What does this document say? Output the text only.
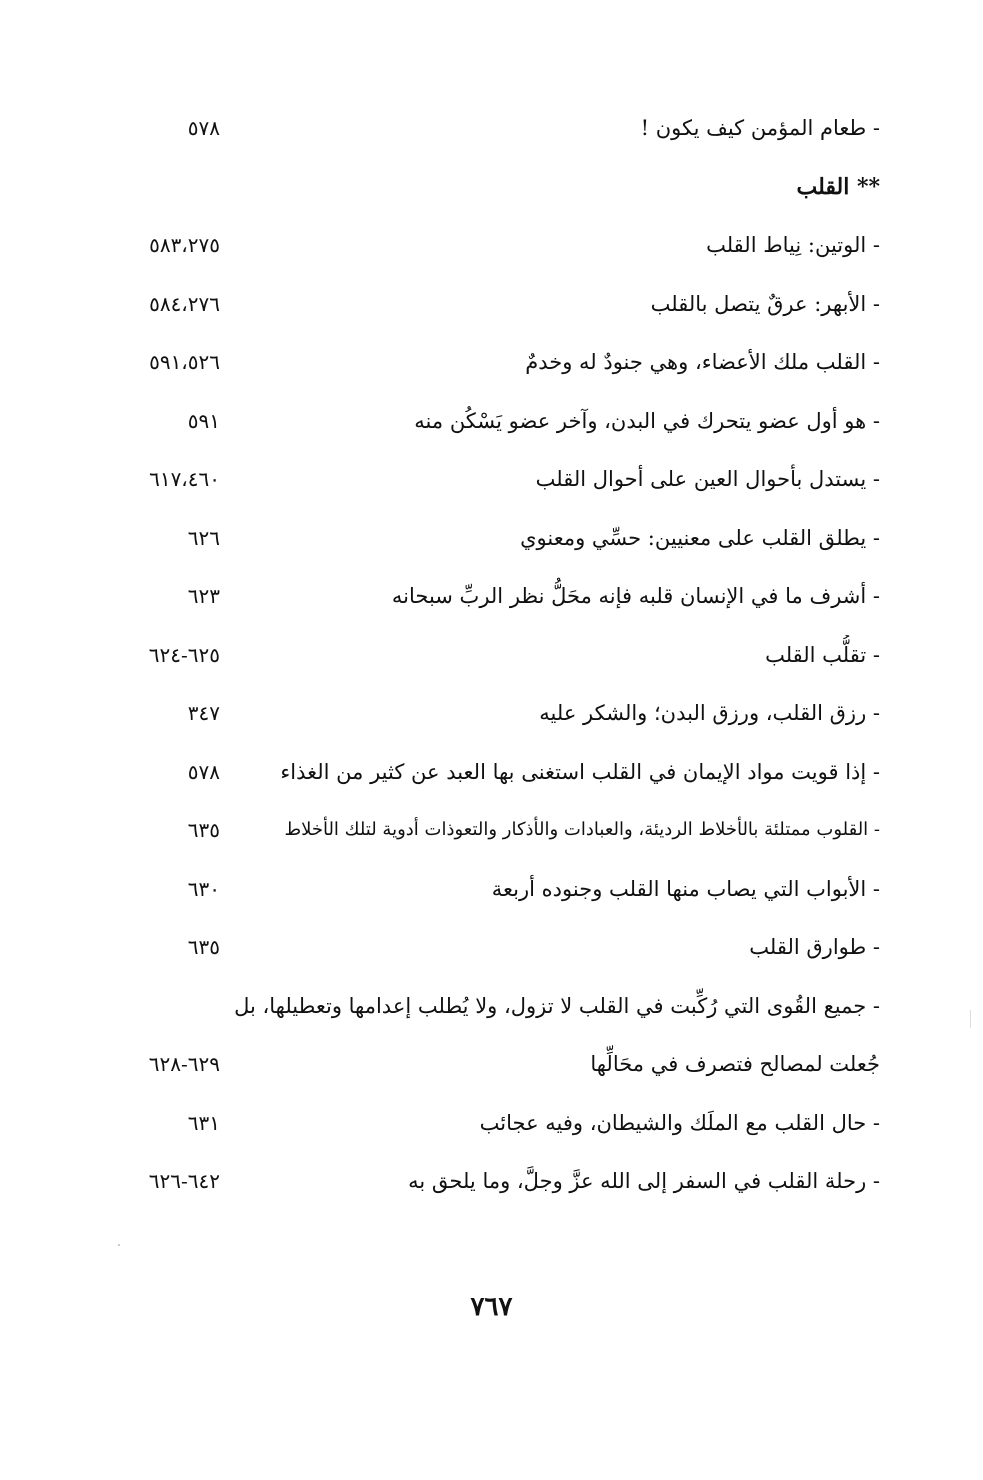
- طعام المؤمن كيف يكون !
٥٧٨
** القلب
- الوتين: نِياط القلب
٥٨٣،٢٧٥
- الأبهر: عرقٌ يتصل بالقلب
٥٨٤،٢٧٦
- القلب ملك الأعضاء، وهي جنودٌ له وخدمٌ
٥٩١،٥٢٦
- هو أول عضو يتحرك في البدن، وآخر عضو يَسْكُن منه
٥٩١
- يستدل بأحوال العين على أحوال القلب
٦١٧،٤٦٠
- يطلق القلب على معنيين: حسِّي ومعنوي
٦٢٦
- أشرف ما في الإنسان قلبه فإنه محَلُّ نظر الربِّ سبحانه
٦٢٣
- تقلُّب القلب
٦٢٥-٦٢٤
- رزق القلب، ورزق البدن؛ والشكر عليه
٣٤٧
- إذا قويت مواد الإيمان في القلب استغنى بها العبد عن كثير من الغذاء
٥٧٨
- القلوب ممتلئة بالأخلاط الرديئة، والعبادات والأذكار والتعوذات أدوية لتلك الأخلاط
٦٣٥
- الأبواب التي يصاب منها القلب وجنوده أربعة
٦٣٠
- طوارق القلب
٦٣٥
- جميع القُوى التي رُكِّبت في القلب لا تزول، ولا يُطلب إعدامها وتعطيلها، بل
جُعلت لمصالح فتصرف في محَالِّها
٦٢٩-٦٢٨
- حال القلب مع الملَك والشيطان، وفيه عجائب
٦٣١
- رحلة القلب في السفر إلى الله عزَّ وجلَّ، وما يلحق به
٦٤٢-٦٢٦
٧٦٧
